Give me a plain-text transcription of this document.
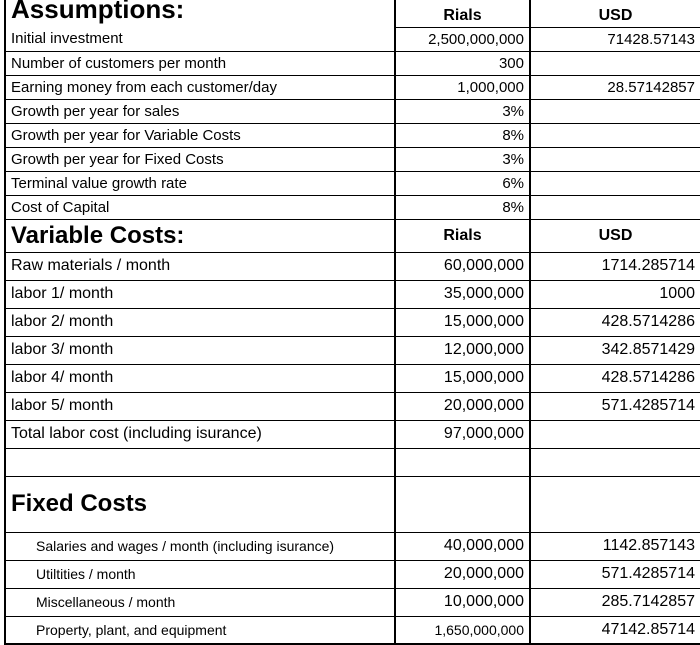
Assumptions:	Rials	USD
Initial investment	2,500,000,000	71428.57143
Number of customers per month	300	
Earning money from each customer/day	1,000,000	28.57142857
Growth per year for sales	3%	
Growth per year for Variable Costs	8%	
Growth per year for Fixed Costs	3%	
Terminal value growth rate	6%	
Cost of Capital	8%	
Variable Costs:	Rials	USD
Raw materials / month	60,000,000	1714.285714
labor 1/ month	35,000,000	1000
labor 2/ month	15,000,000	428.5714286
labor 3/ month	12,000,000	342.8571429
labor 4/ month	15,000,000	428.5714286
labor 5/ month	20,000,000	571.4285714
Total labor cost (including isurance)	97,000,000	

Fixed Costs		
Salaries and wages / month (including isurance)	40,000,000	1142.857143
Utiltities / month	20,000,000	571.4285714
Miscellaneous / month	10,000,000	285.7142857
Property, plant, and equipment	1,650,000,000	47142.85714
